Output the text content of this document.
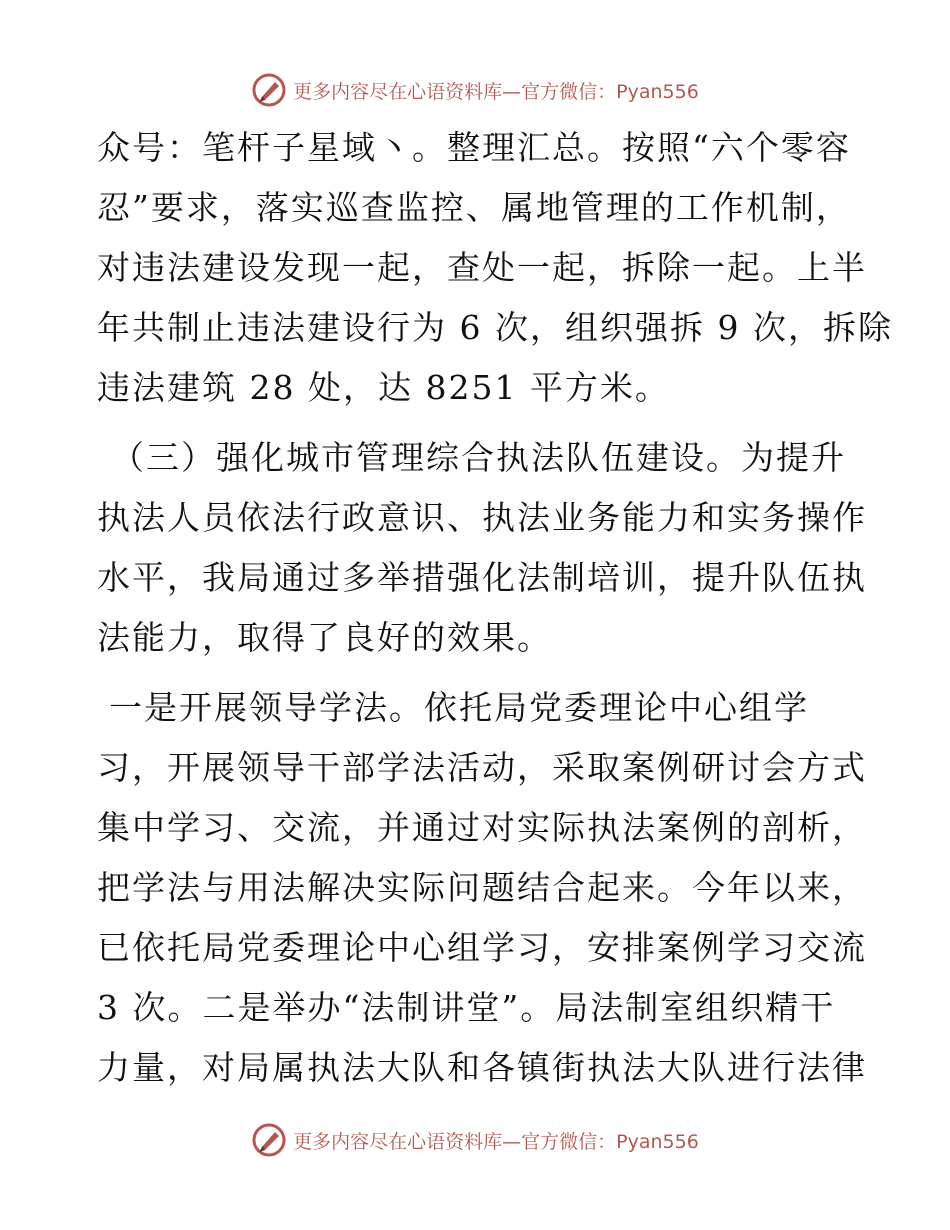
更多内容尽在心语资料库—官方微信：Pyan556
众号：笔杆子星域丶。整理汇总。按照“六个零容
忍”要求，落实巡查监控、属地管理的工作机制，
对违法建设发现一起，查处一起，拆除一起。上半
年共制止违法建设行为 6 次，组织强拆 9 次，拆除
违法建筑 28 处，达 8251 平方米。
（三）强化城市管理综合执法队伍建设。为提升
执法人员依法行政意识、执法业务能力和实务操作
水平，我局通过多举措强化法制培训，提升队伍执
法能力，取得了良好的效果。
一是开展领导学法。依托局党委理论中心组学
习，开展领导干部学法活动，采取案例研讨会方式
集中学习、交流，并通过对实际执法案例的剖析，
把学法与用法解决实际问题结合起来。今年以来，
已依托局党委理论中心组学习，安排案例学习交流
3 次。二是举办“法制讲堂”。局法制室组织精干
力量，对局属执法大队和各镇街执法大队进行法律
更多内容尽在心语资料库—官方微信：Pyan556
